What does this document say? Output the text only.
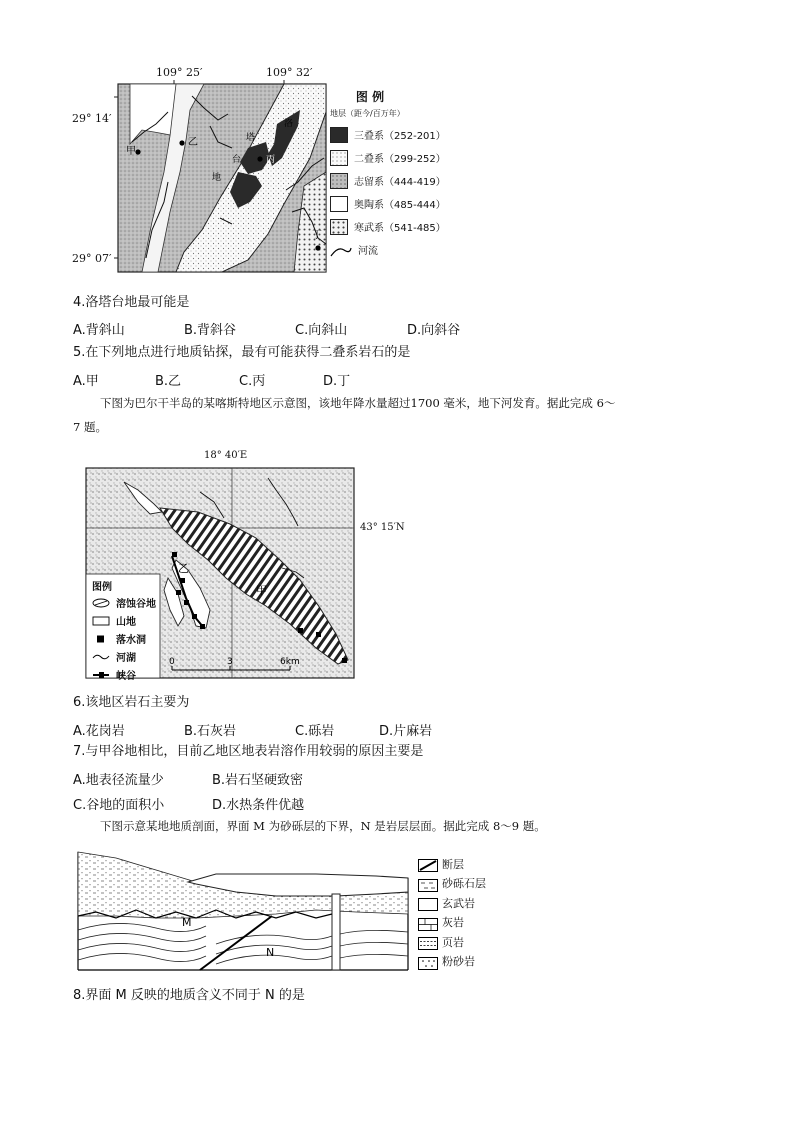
甲
乙
丙
丁
洛
塔
台
地
109° 25′	109° 32′
29° 14′
29° 07′
图 例
地层（距今/百万年）
三叠系（252-201）
二叠系（299-252）
志留系（444-419）
奥陶系（485-444）
寒武系（541-485）
河流
4.洛塔台地最可能是
A.背斜山	B.背斜谷	C.向斜山	D.向斜谷
5.在下列地点进行地质钻探，最有可能获得二叠系岩石的是
A.甲	B.乙	C.丙	D.丁
下图为巴尔干半岛的某喀斯特地区示意图，该地年降水量超过1700 毫米，地下河发育。据此完成 6～
7 题。
甲
乙
0	3	6km
18° 40′E
43° 15′N
图例
溶蚀谷地
山地
落水洞
河湖
峡谷
6.该地区岩石主要为
A.花岗岩	B.石灰岩	C.砾岩	D.片麻岩
7.与甲谷地相比，目前乙地区地表岩溶作用较弱的原因主要是
A.地表径流量少	B.岩石坚硬致密
C.谷地的面积小	D.水热条件优越
下图示意某地地质剖面，界面 M 为砂砾层的下界，N 是岩层层面。据此完成 8～9 题。
M
N
断层
砂砾石层
玄武岩
灰岩
页岩
粉砂岩
8.界面 M 反映的地质含义不同于 N 的是
